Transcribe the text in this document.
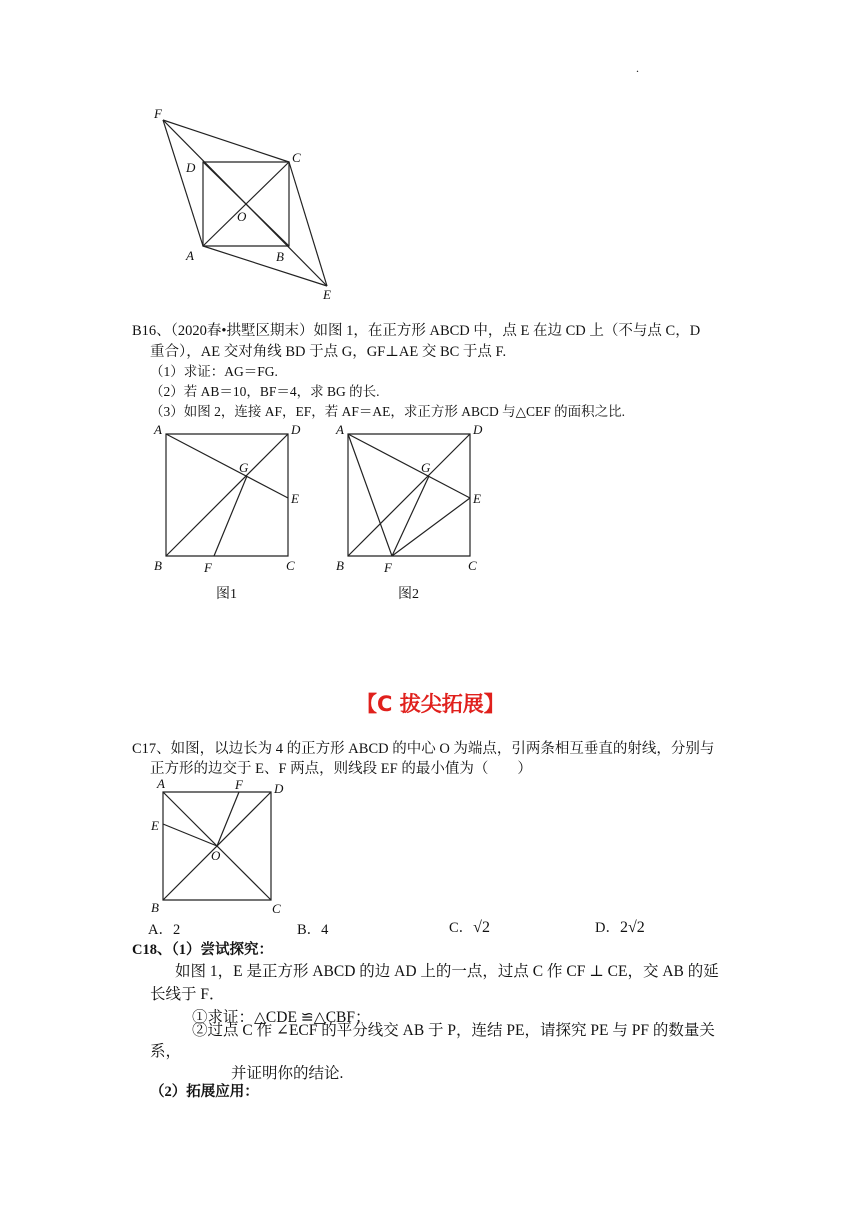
.
F
D
C
O
A	B
E
B16、（2020春•拱墅区期末）如图 1，在正方形 ABCD 中，点 E 在边 CD 上（不与点 C，D
重合），AE 交对角线 BD 于点 G，GF⊥AE 交 BC 于点 F.
（1）求证：AG＝FG.
（2）若 AB＝10，BF＝4，求 BG 的长.
（3）如图 2，连接 AF，EF，若 AF＝AE，求正方形 ABCD 与△CEF 的面积之比.
A	D
G
E
B	F	C
图1
A	D
G
E
B	F	C
图2
【C 拔尖拓展】
C17、如图，以边长为 4 的正方形 ABCD 的中心 O 为端点，引两条相互垂直的射线，分别与
正方形的边交于 E、F 两点，则线段 EF 的最小值为（　　）
A	F D
E
O
B	C
A．2	B．4	C．√2	D．2√2
C18、（1）尝试探究：
如图 1，E 是正方形 ABCD 的边 AD 上的一点，过点 C 作 CF ⊥ CE，交 AB 的延
长线于 F．
①求证：△CDE ≌△CBF；
②过点 C 作 ∠ECF 的平分线交 AB 于 P，连结 PE，请探究 PE 与 PF 的数量关
系，
并证明你的结论.
（2）拓展应用：
